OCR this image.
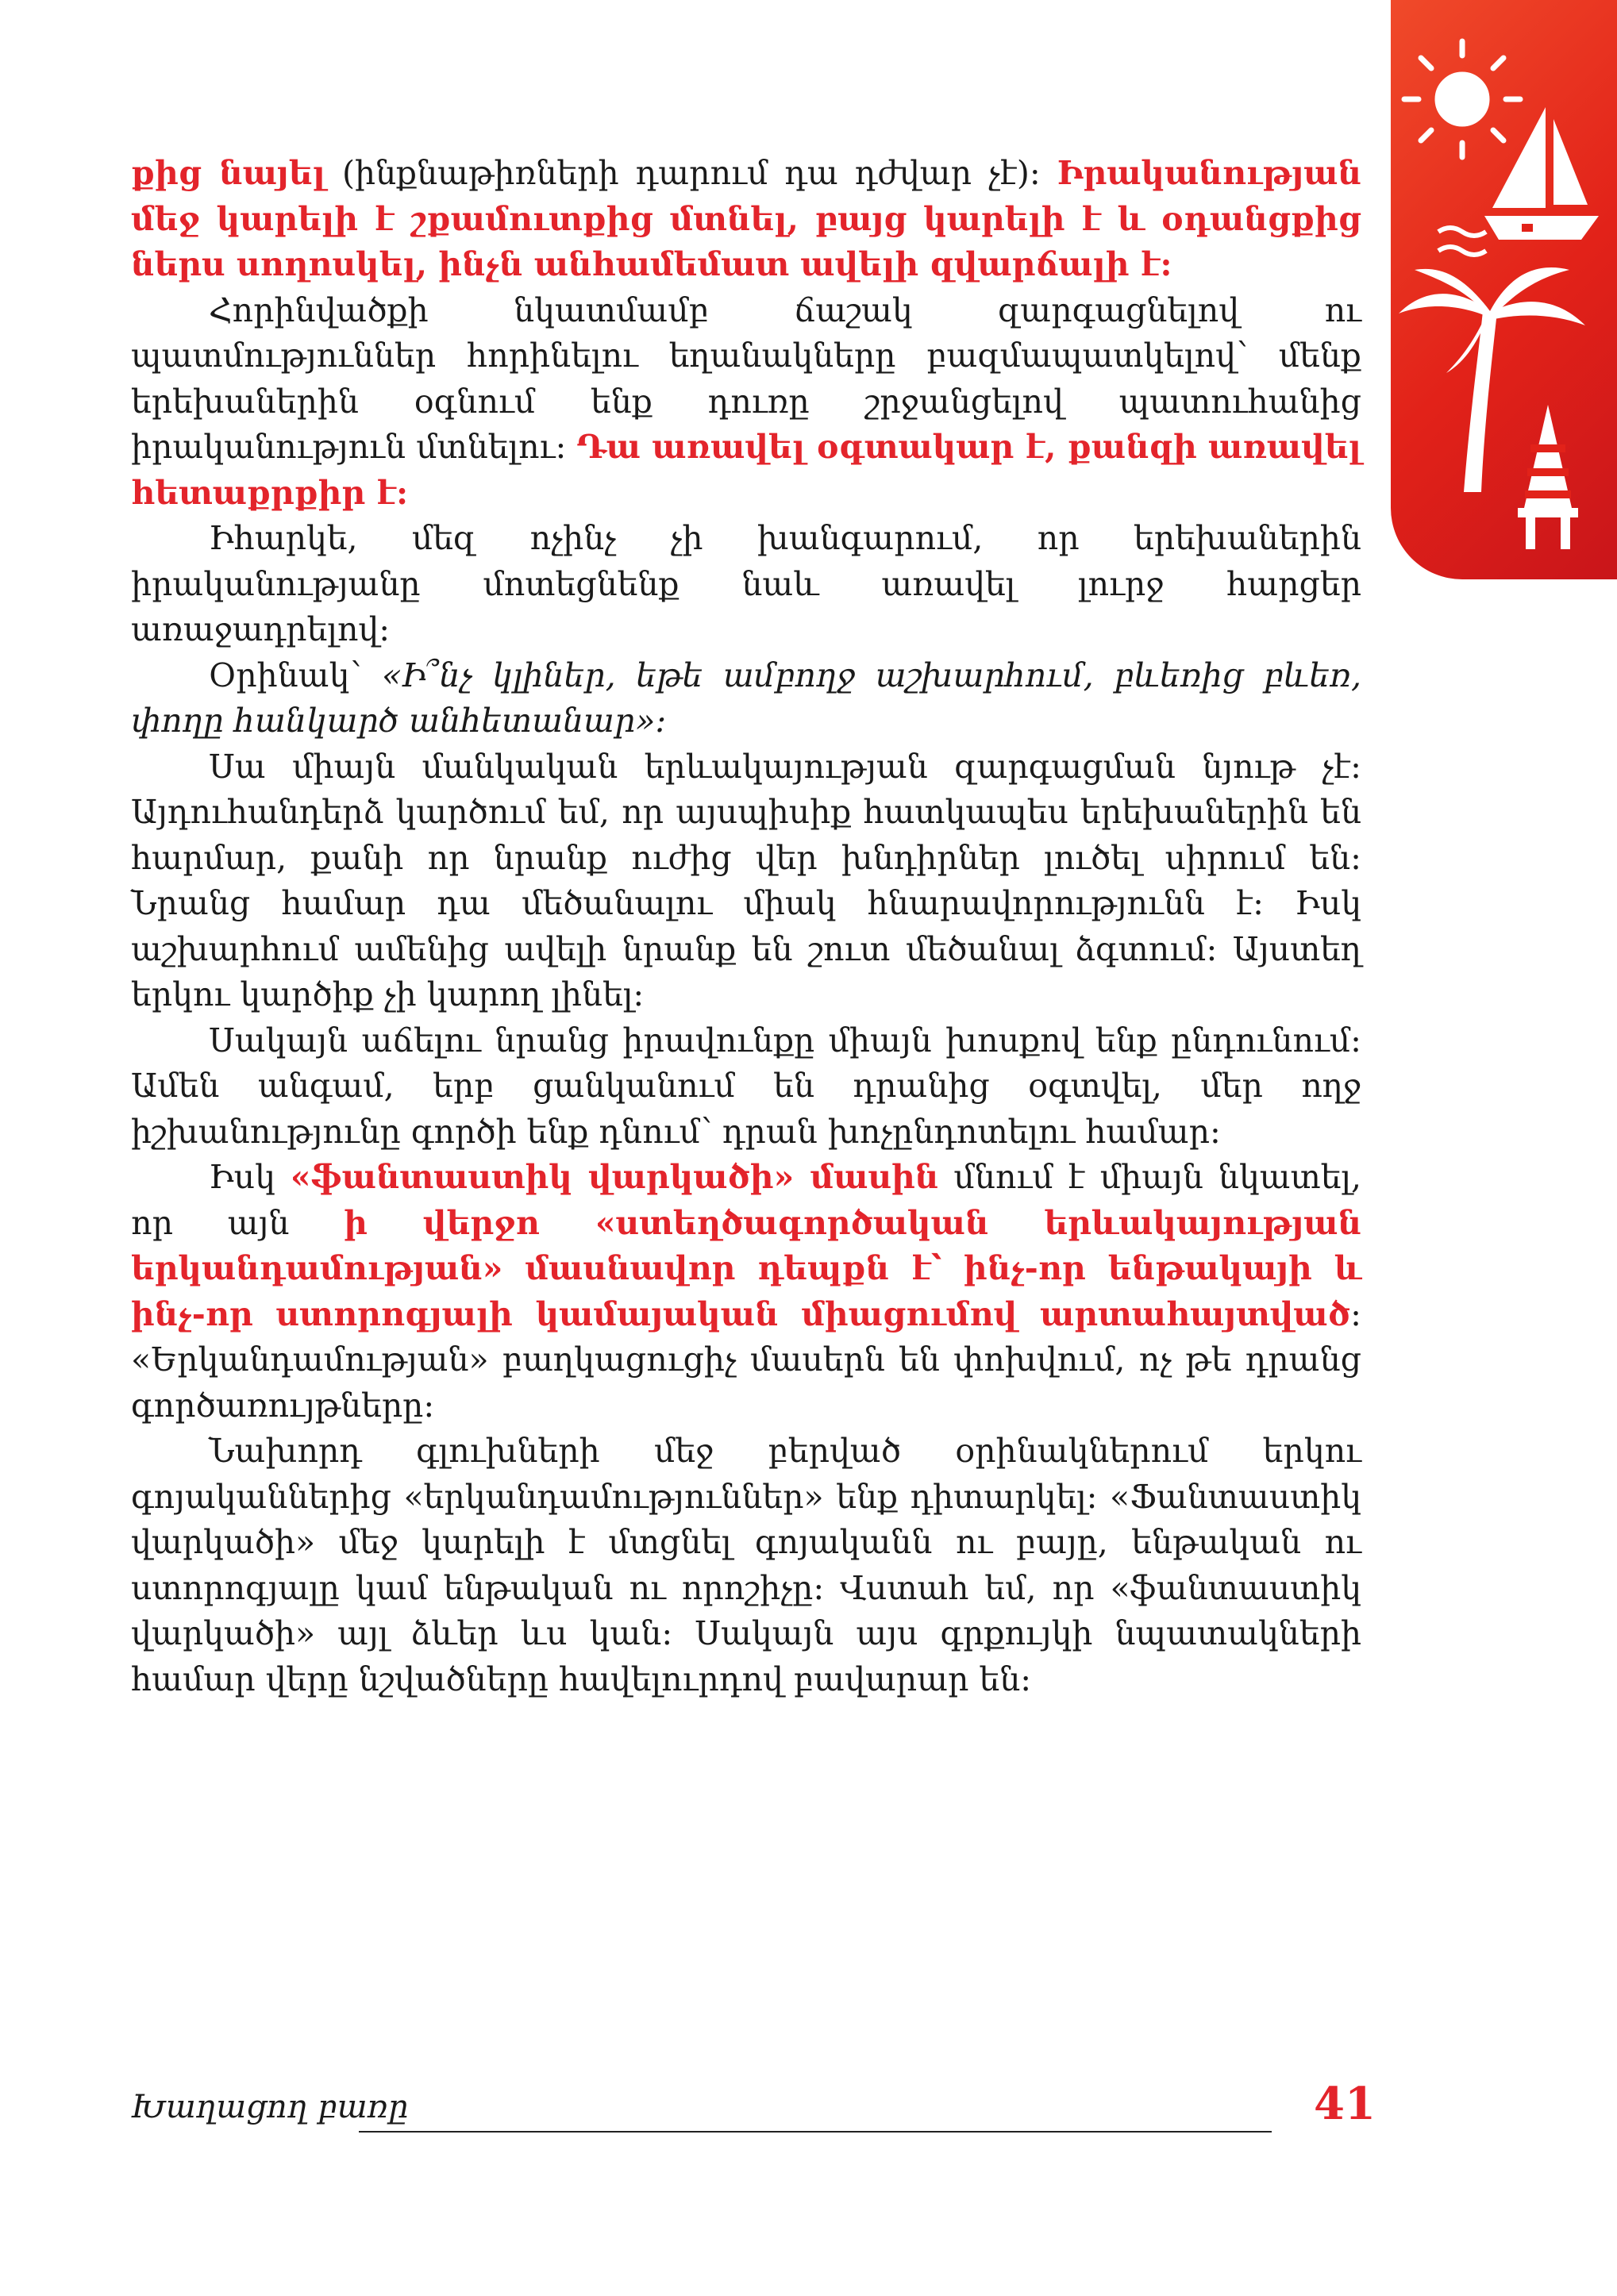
քից նայել (ինքնաթիռների դարում դա դժվար չէ): Իրականության մեջ կարելի է շքամուտքից մտնել, բայց կարելի է և օդանցքից ներս սողոսկել, ինչն անհամեմատ ավելի զվարճալի է:

Հորինվածքի նկատմամբ ճաշակ զարգացնելով ու պատմություններ հորինելու եղանակները բազմապատկելով՝ մենք երեխաներին օգնում ենք դուռը շրջանցելով պատուհանից իրականություն մտնելու: Դա առավել օգտակար է, քանզի առավել հետաքրքիր է:

Իհարկե, մեզ ոչինչ չի խանգարում, որ երեխաներին իրականությանը մոտեցնենք նաև առավել լուրջ հարցեր առաջադրելով:

Օրինակ՝ «Ի՞նչ կլիներ, եթե ամբողջ աշխարհում, բևեռից բևեռ, փողը հանկարծ անհետանար»:

Սա միայն մանկական երևակայության զարգացման նյութ չէ: Այդուհանդերձ կարծում եմ, որ այսպիսիք հատկապես երեխաներին են հարմար, քանի որ նրանք ուժից վեր խնդիրներ լուծել սիրում են: Նրանց համար դա մեծանալու միակ հնարավորությունն է: Իսկ աշխարհում ամենից ավելի նրանք են շուտ մեծանալ ձգտում: Այստեղ երկու կարծիք չի կարող լինել:

Սակայն աճելու նրանց իրավունքը միայն խոսքով ենք ընդունում: Ամեն անգամ, երբ ցանկանում են դրանից օգտվել, մեր ողջ իշխանությունը գործի ենք դնում՝ դրան խոչընդոտելու համար:

Իսկ «ֆանտաստիկ վարկածի» մասին մնում է միայն նկատել, որ այն ի վերջո «ստեղծագործական երևակայության երկանդամության» մասնավոր դեպքն է՝ ինչ-որ ենթակայի և ինչ-որ ստորոգյալի կամայական միացումով արտահայտված: «Երկանդամության» բաղկացուցիչ մասերն են փոխվում, ոչ թե դրանց գործառույթները:

Նախորդ գլուխների մեջ բերված օրինակներում երկու գոյականներից «երկանդամություններ» ենք դիտարկել: «Ֆանտաստիկ վարկածի» մեջ կարելի է մտցնել գոյականն ու բայը, ենթական ու ստորոգյալը կամ ենթական ու որոշիչը: Վստահ եմ, որ «ֆանտաստիկ վարկածի» այլ ձևեր ևս կան: Սակայն այս գրքույկի նպատակների համար վերը նշվածները հավելուրդով բավարար են:

Խաղացող բառը	41
